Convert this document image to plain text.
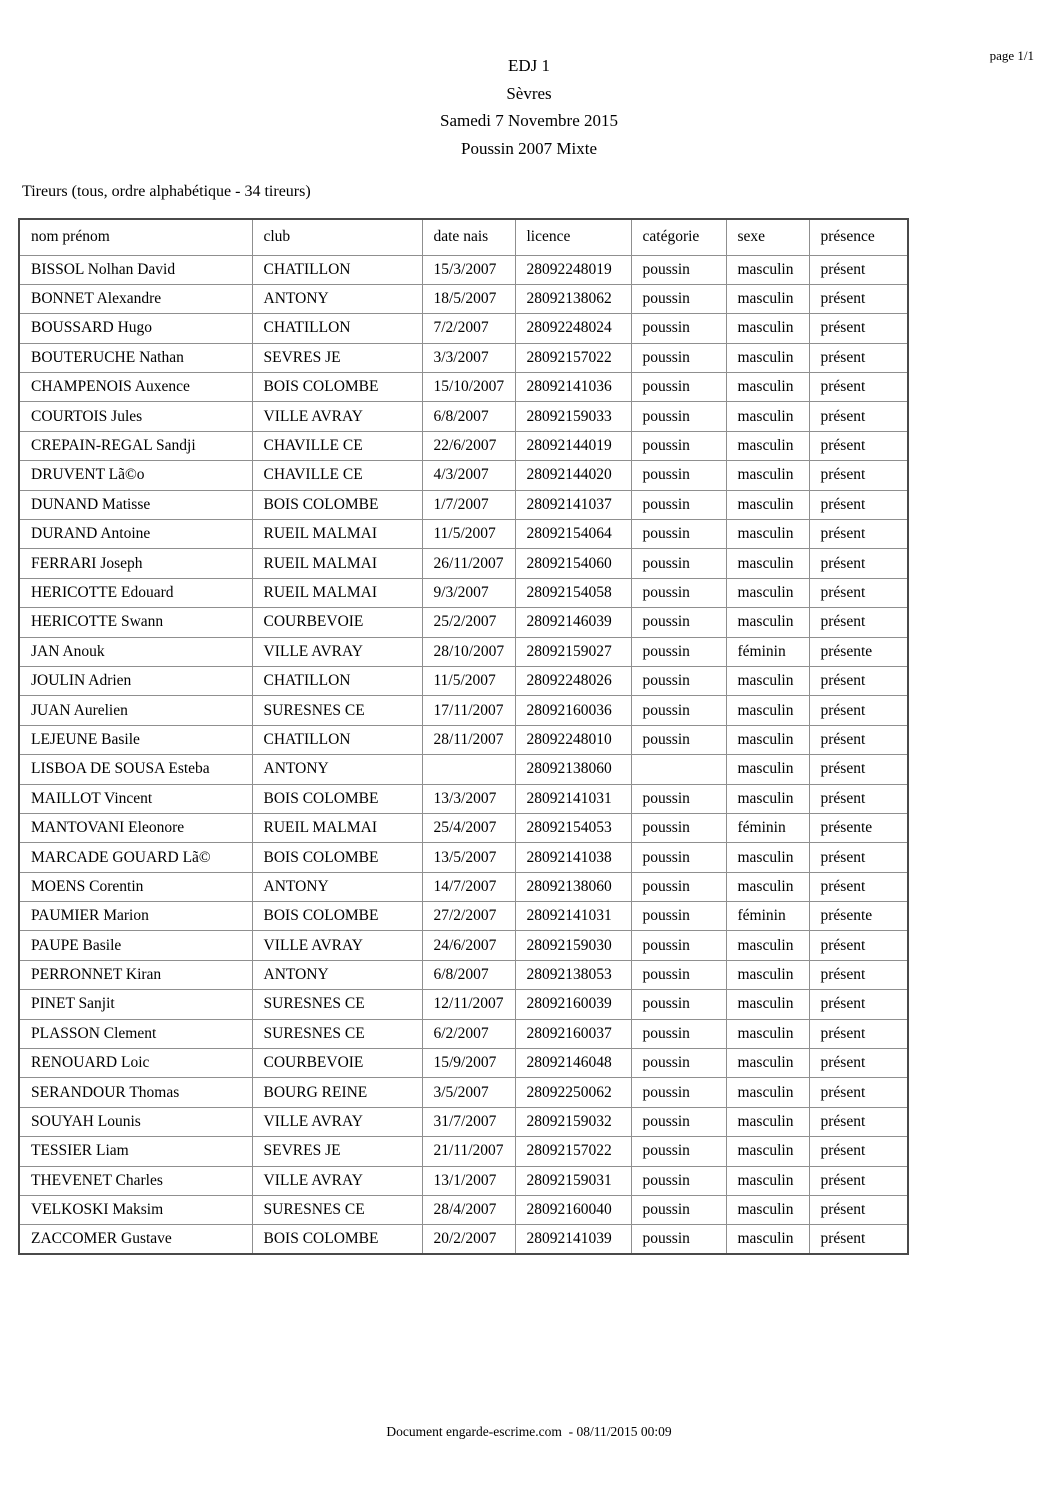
page 1/1
EDJ 1
Sèvres
Samedi 7 Novembre 2015
Poussin 2007 Mixte
Tireurs (tous, ordre alphabétique - 34 tireurs)
nom prénom	club	date nais	licence	catégorie	sexe	présence
BISSOL Nolhan David	CHATILLON	15/3/2007	28092248019	poussin	masculin	présent
BONNET Alexandre	ANTONY	18/5/2007	28092138062	poussin	masculin	présent
BOUSSARD Hugo	CHATILLON	7/2/2007	28092248024	poussin	masculin	présent
BOUTERUCHE Nathan	SEVRES JE	3/3/2007	28092157022	poussin	masculin	présent
CHAMPENOIS Auxence	BOIS COLOMBE	15/10/2007	28092141036	poussin	masculin	présent
COURTOIS Jules	VILLE AVRAY	6/8/2007	28092159033	poussin	masculin	présent
CREPAIN-REGAL Sandji	CHAVILLE CE	22/6/2007	28092144019	poussin	masculin	présent
DRUVENT Lã©o	CHAVILLE CE	4/3/2007	28092144020	poussin	masculin	présent
DUNAND Matisse	BOIS COLOMBE	1/7/2007	28092141037	poussin	masculin	présent
DURAND Antoine	RUEIL MALMAI	11/5/2007	28092154064	poussin	masculin	présent
FERRARI Joseph	RUEIL MALMAI	26/11/2007	28092154060	poussin	masculin	présent
HERICOTTE Edouard	RUEIL MALMAI	9/3/2007	28092154058	poussin	masculin	présent
HERICOTTE Swann	COURBEVOIE	25/2/2007	28092146039	poussin	masculin	présent
JAN Anouk	VILLE AVRAY	28/10/2007	28092159027	poussin	féminin	présente
JOULIN Adrien	CHATILLON	11/5/2007	28092248026	poussin	masculin	présent
JUAN Aurelien	SURESNES CE	17/11/2007	28092160036	poussin	masculin	présent
LEJEUNE Basile	CHATILLON	28/11/2007	28092248010	poussin	masculin	présent
LISBOA DE SOUSA Esteba	ANTONY		28092138060		masculin	présent
MAILLOT Vincent	BOIS COLOMBE	13/3/2007	28092141031	poussin	masculin	présent
MANTOVANI Eleonore	RUEIL MALMAI	25/4/2007	28092154053	poussin	féminin	présente
MARCADE GOUARD Lã©	BOIS COLOMBE	13/5/2007	28092141038	poussin	masculin	présent
MOENS Corentin	ANTONY	14/7/2007	28092138060	poussin	masculin	présent
PAUMIER Marion	BOIS COLOMBE	27/2/2007	28092141031	poussin	féminin	présente
PAUPE Basile	VILLE AVRAY	24/6/2007	28092159030	poussin	masculin	présent
PERRONNET Kiran	ANTONY	6/8/2007	28092138053	poussin	masculin	présent
PINET Sanjit	SURESNES CE	12/11/2007	28092160039	poussin	masculin	présent
PLASSON Clement	SURESNES CE	6/2/2007	28092160037	poussin	masculin	présent
RENOUARD Loic	COURBEVOIE	15/9/2007	28092146048	poussin	masculin	présent
SERANDOUR Thomas	BOURG REINE	3/5/2007	28092250062	poussin	masculin	présent
SOUYAH Lounis	VILLE AVRAY	31/7/2007	28092159032	poussin	masculin	présent
TESSIER Liam	SEVRES JE	21/11/2007	28092157022	poussin	masculin	présent
THEVENET Charles	VILLE AVRAY	13/1/2007	28092159031	poussin	masculin	présent
VELKOSKI Maksim	SURESNES CE	28/4/2007	28092160040	poussin	masculin	présent
ZACCOMER Gustave	BOIS COLOMBE	20/2/2007	28092141039	poussin	masculin	présent
Document engarde-escrime.com  - 08/11/2015 00:09
